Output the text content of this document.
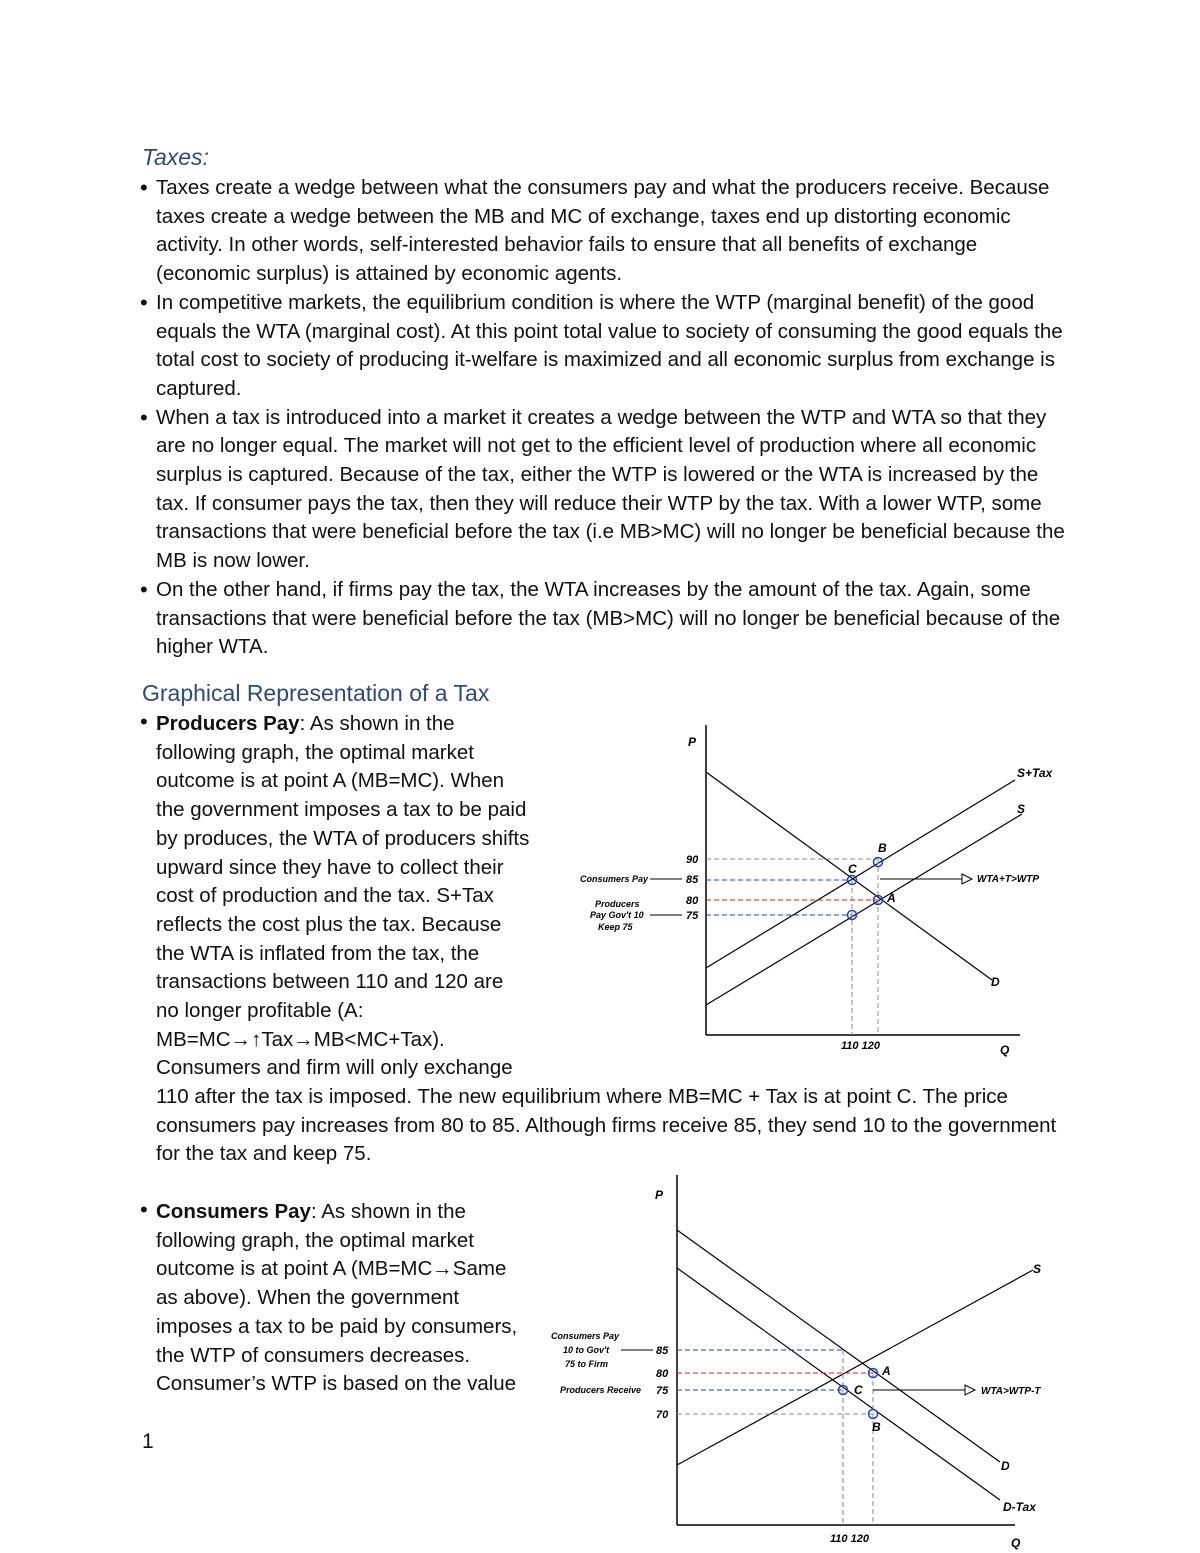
Taxes:
• Taxes create a wedge between what the consumers pay and what the producers receive. Because taxes create a wedge between the MB and MC of exchange, taxes end up distorting economic activity. In other words, self-interested behavior fails to ensure that all benefits of exchange (economic surplus) is attained by economic agents.
• In competitive markets, the equilibrium condition is where the WTP (marginal benefit) of the good equals the WTA (marginal cost). At this point total value to society of consuming the good equals the total cost to society of producing it-welfare is maximized and all economic surplus from exchange is captured.
• When a tax is introduced into a market it creates a wedge between the WTP and WTA so that they are no longer equal. The market will not get to the efficient level of production where all economic surplus is captured. Because of the tax, either the WTP is lowered or the WTA is increased by the tax. If consumer pays the tax, then they will reduce their WTP by the tax. With a lower WTP, some transactions that were beneficial before the tax (i.e MB>MC) will no longer be beneficial because the MB is now lower.
• On the other hand, if firms pay the tax, the WTA increases by the amount of the tax. Again, some transactions that were beneficial before the tax (MB>MC) will no longer be beneficial because of the higher WTA.
Graphical Representation of a Tax
• Producers Pay: As shown in the
following graph, the optimal market
outcome is at point A (MB=MC). When
the government imposes a tax to be paid
by produces, the WTA of producers shifts
upward since they have to collect their
cost of production and the tax. S+Tax
reflects the cost plus the tax. Because
the WTA is inflated from the tax, the
transactions between 110 and 120 are
no longer profitable (A:
MB=MC→↑Tax→MB<MC+Tax).
Consumers and firm will only exchange
110 after the tax is imposed. The new equilibrium where MB=MC + Tax is at point C. The price consumers pay increases from 80 to 85. Although firms receive 85, they send 10 to the government for the tax and keep 75.
P
Q
S+Tax
S
D
A
B
C
90
85
80
75
110 120
Consumers Pay
Producers
Pay Gov't 10
Keep 75
WTA+T>WTP
• Consumers Pay: As shown in the
following graph, the optimal market
outcome is at point A (MB=MC→Same
as above). When the government
imposes a tax to be paid by consumers,
the WTP of consumers decreases.
Consumer’s WTP is based on the value
P
Q
S
D
D-Tax
A
C
B
85
80
75
70
110 120
Consumers Pay
10 to Gov't
75 to Firm
Producers Receive	WTA>WTP-T
1
